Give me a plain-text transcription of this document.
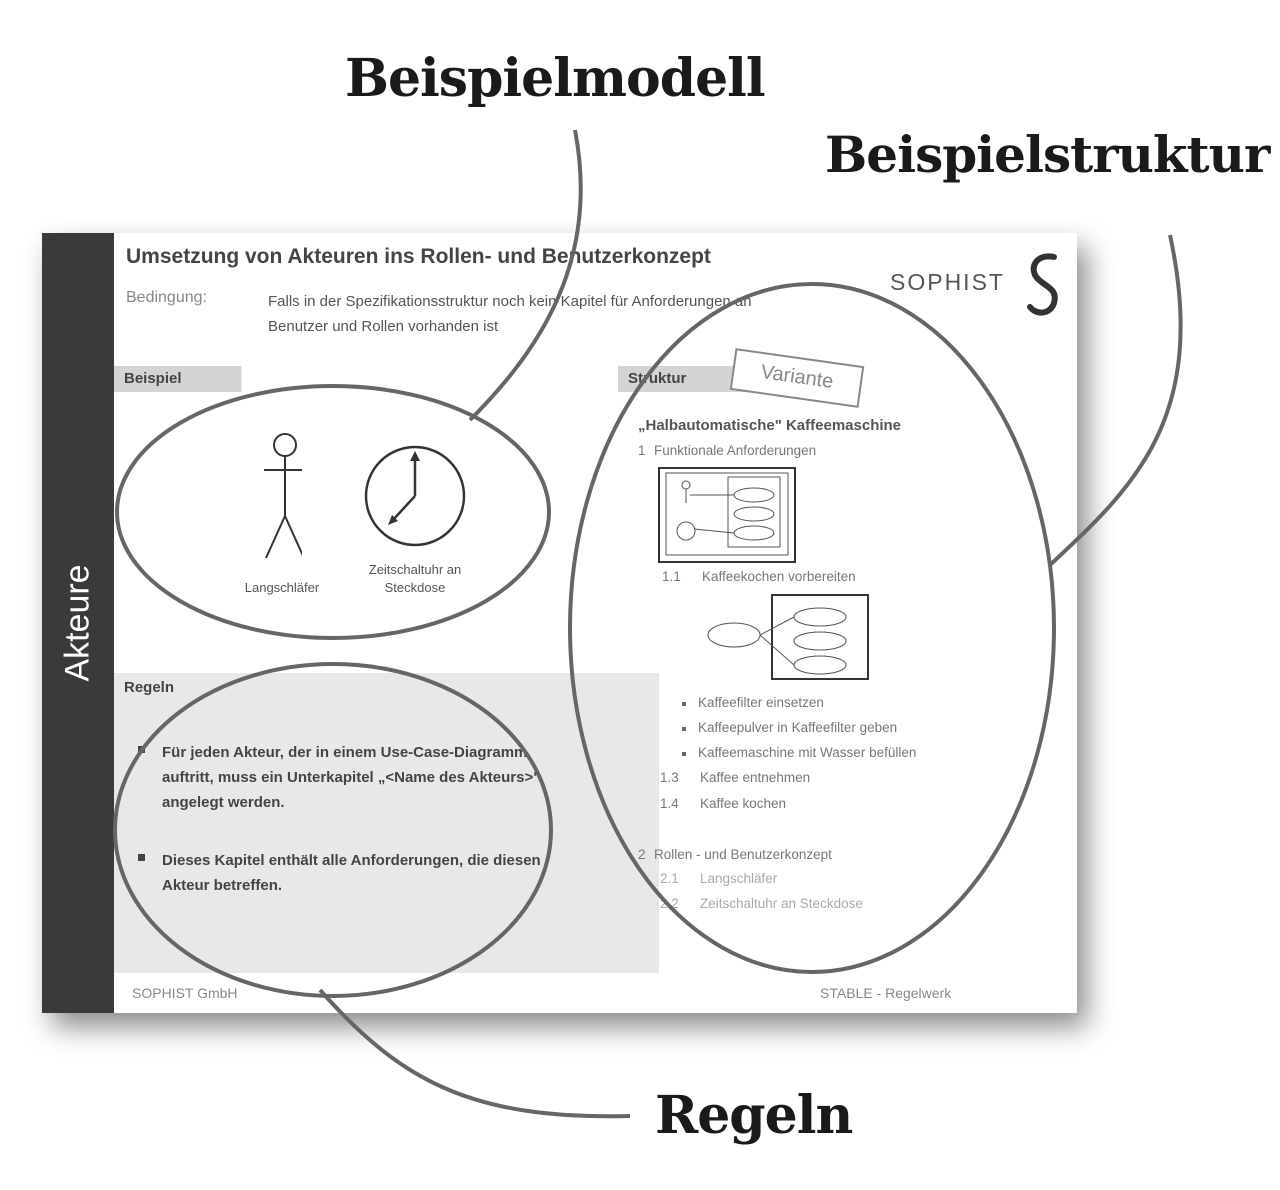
Beispielmodell
Beispielstruktur
Regeln
Akteure
Umsetzung von Akteuren ins Rollen- und Benutzerkonzept
Bedingung:	Falls in der Spezifikationsstruktur noch kein Kapitel für Anforderungen an Benutzer und Rollen vorhanden ist
SOPHIST
Beispiel
Langschläfer
Zeitschaltuhr an
Steckdose
Regeln
Für jeden Akteur, der in einem Use-Case-Diagramm auftritt, muss ein Unterkapitel „<Name des Akteurs>" angelegt werden.
Dieses Kapitel enthält alle Anforderungen, die diesen Akteur betreffen.
Struktur	Variante
„Halbautomatische" Kaffeemaschine
1 Funktionale Anforderungen
1.1 Kaffeekochen vorbereiten
Kaffeefilter einsetzen
Kaffeepulver in Kaffeefilter geben
Kaffeemaschine mit Wasser befüllen
1.3 Kaffee entnehmen
1.4 Kaffee kochen
2 Rollen - und Benutzerkonzept
2.1 Langschläfer
2.2 Zeitschaltuhr an Steckdose
SOPHIST GmbH	STABLE - Regelwerk
